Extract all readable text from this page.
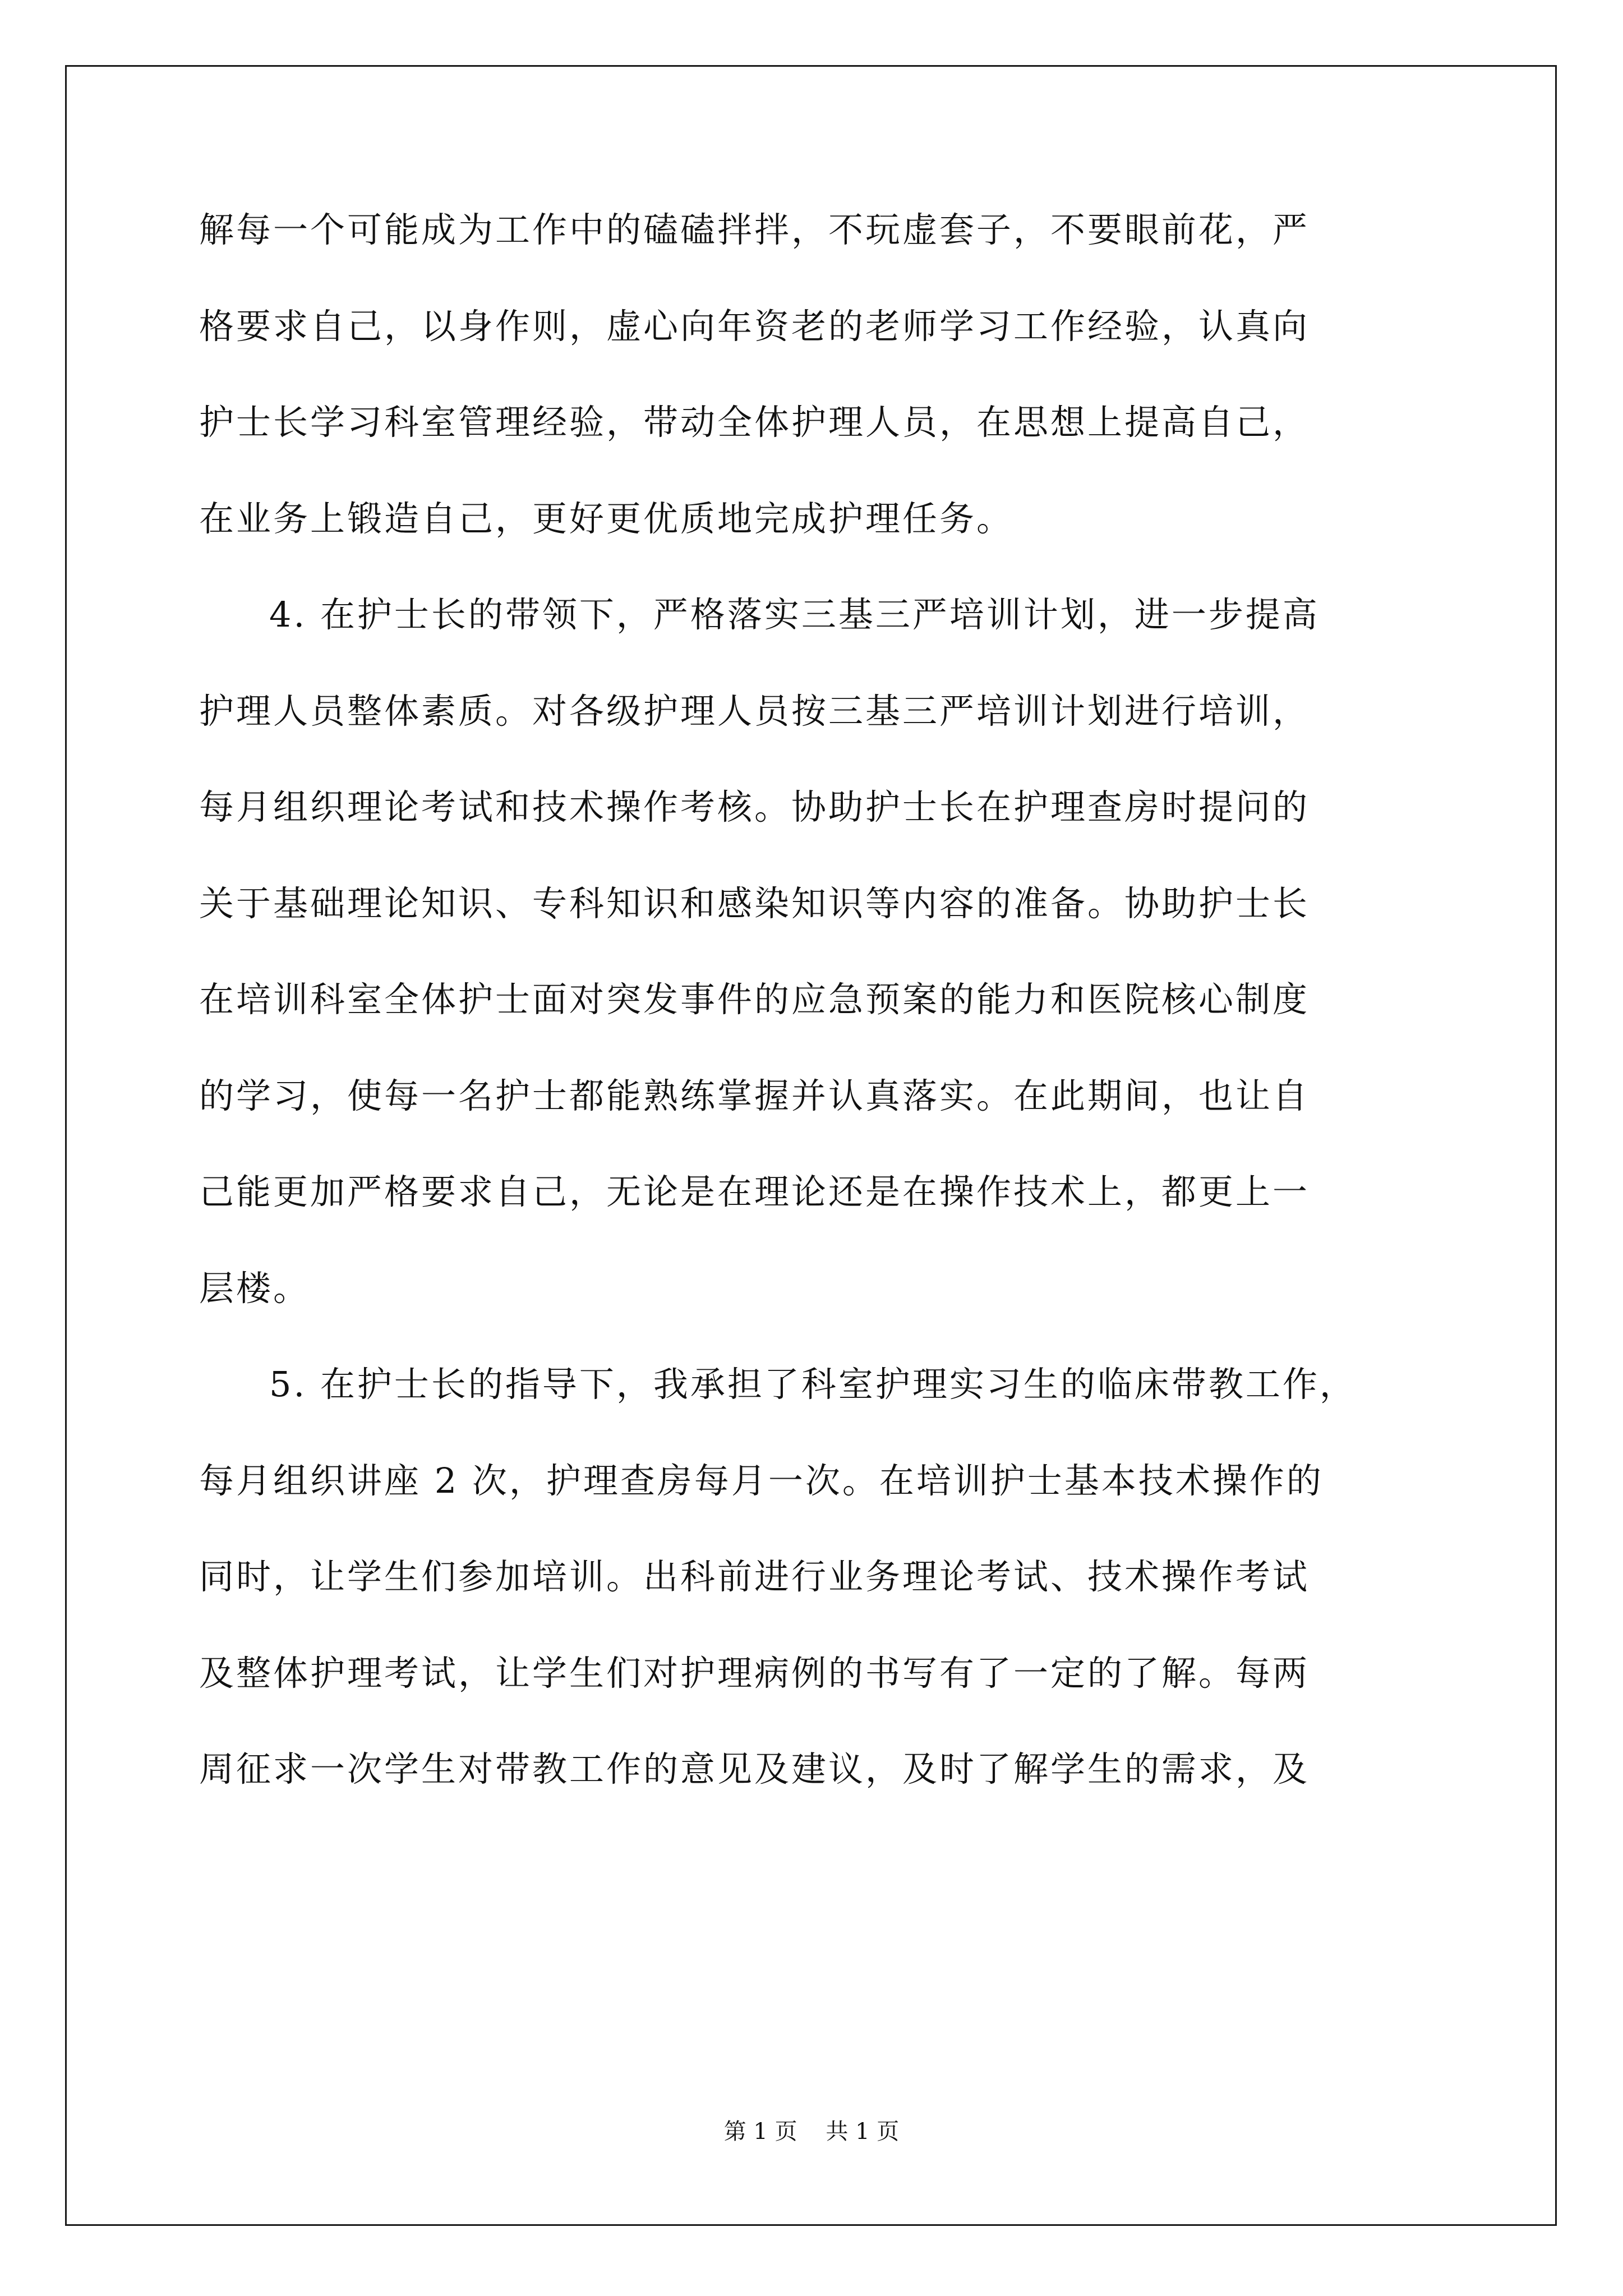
解每一个可能成为工作中的磕磕拌拌，不玩虚套子，不要眼前花，严
格要求自己，以身作则，虚心向年资老的老师学习工作经验，认真向
护士长学习科室管理经验，带动全体护理人员，在思想上提高自己，
在业务上锻造自己，更好更优质地完成护理任务。
4. 在护士长的带领下，严格落实三基三严培训计划，进一步提高
护理人员整体素质。对各级护理人员按三基三严培训计划进行培训，
每月组织理论考试和技术操作考核。协助护士长在护理查房时提问的
关于基础理论知识、专科知识和感染知识等内容的准备。协助护士长
在培训科室全体护士面对突发事件的应急预案的能力和医院核心制度
的学习，使每一名护士都能熟练掌握并认真落实。在此期间，也让自
己能更加严格要求自己，无论是在理论还是在操作技术上，都更上一
层楼。
5. 在护士长的指导下，我承担了科室护理实习生的临床带教工作，
每月组织讲座 2 次，护理查房每月一次。在培训护士基本技术操作的
同时，让学生们参加培训。出科前进行业务理论考试、技术操作考试
及整体护理考试，让学生们对护理病例的书写有了一定的了解。每两
周征求一次学生对带教工作的意见及建议，及时了解学生的需求，及
第 1 页    共 1 页
